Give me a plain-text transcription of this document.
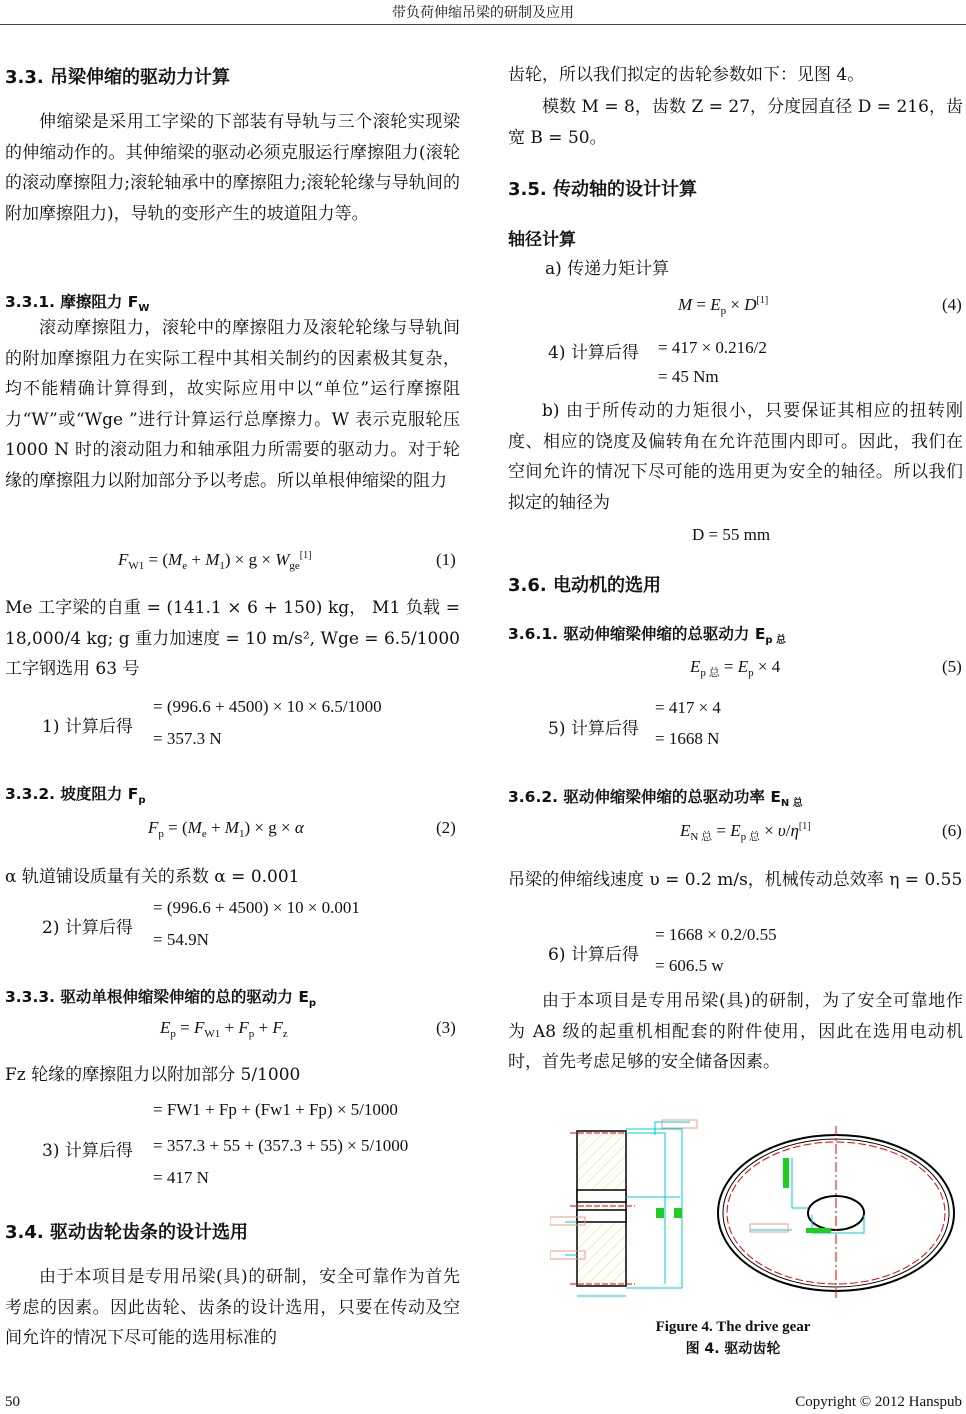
带负荷伸缩吊梁的研制及应用
3.3. 吊梁伸缩的驱动力计算
伸缩梁是采用工字梁的下部装有导轨与三个滚轮实现梁的伸缩动作的。其伸缩梁的驱动必须克服运行摩擦阻力(滚轮的滚动摩擦阻力;滚轮轴承中的摩擦阻力;滚轮轮缘与导轨间的附加摩擦阻力)，导轨的变形产生的坡道阻力等。
3.3.1. 摩擦阻力 $F_W$
滚动摩擦阻力，滚轮中的摩擦阻力及滚轮轮缘与导轨间的附加摩擦阻力在实际工程中其相关制约的因素极其复杂，均不能精确计算得到，故实际应用中以“单位”运行摩擦阻力“W”或“Wge ”进行计算运行总摩擦力。W 表示克服轮压 1000 N 时的滚动阻力和轴承阻力所需要的驱动力。对于轮缘的摩擦阻力以附加部分予以考虑。所以单根伸缩梁的阻力
$F_{W1} = (M_e + M_1) \times g \times W_{ge}[1]$	(1)
Me 工字梁的自重 = (141.1 × 6 + 150) kg， M1 负载 = 18,000/4 kg; g 重力加速度 = 10 m/s², Wge = 6.5/1000 工字钢选用 63 号
1) 计算后得
= (996.6 + 4500) × 10 × 6.5/1000
= 357.3 N
3.3.2. 坡度阻力 $F_p$
$F_p = (M_e + M_1) \times g \times \alpha$	(2)
α 轨道铺设质量有关的系数 α = 0.001
2) 计算后得
= (996.6 + 4500) × 10 × 0.001
= 54.9N
3.3.3. 驱动单根伸缩梁伸缩的总的驱动力 $E_p$
$E_p = F_{W1} + F_p + F_z$	(3)
Fz 轮缘的摩擦阻力以附加部分 5/1000
= FW1 + Fp + (Fw1 + Fp) × 5/1000
3) 计算后得 = 357.3 + 55 + (357.3 + 55) × 5/1000
= 417 N
3.4. 驱动齿轮齿条的设计选用
由于本项目是专用吊梁(具)的研制，安全可靠作为首先考虑的因素。因此齿轮、齿条的设计选用，只要在传动及空间允许的情况下尽可能的选用标准的
齿轮，所以我们拟定的齿轮参数如下：见图 4。
模数 M = 8，齿数 Z = 27，分度园直径 D = 216，齿宽 B = 50。
3.5. 传动轴的设计计算
轴径计算
a) 传递力矩计算
$M = E_p \times D[1]$	(4)
4) 计算后得 = 417 × 0.216/2
= 45 Nm
b) 由于所传动的力矩很小，只要保证其相应的扭转刚度、相应的饶度及偏转角在允许范围内即可。因此，我们在空间允许的情况下尽可能的选用更为安全的轴径。所以我们拟定的轴径为
D = 55 mm
3.6. 电动机的选用
3.6.1. 驱动伸缩梁伸缩的总驱动力 $E_{p 总}$
$E_{p 总} = E_p \times 4$	(5)
5) 计算后得
= 417 × 4
= 1668 N
3.6.2. 驱动伸缩梁伸缩的总驱动功率 $E_{N 总}$
$E_{N 总} = E_{p 总} \times \upsilon/\eta[1]$	(6)
吊梁的伸缩线速度 υ = 0.2 m/s，机械传动总效率 η = 0.55
6) 计算后得
= 1668 × 0.2/0.55
= 606.5 w
由于本项目是专用吊梁(具)的研制，为了安全可靠地作为 A8 级的起重机相配套的附件使用，因此在选用电动机时，首先考虑足够的安全储备因素。
Figure 4. The drive gear
图 4. 驱动齿轮
50	Copyright © 2012 Hanspub
